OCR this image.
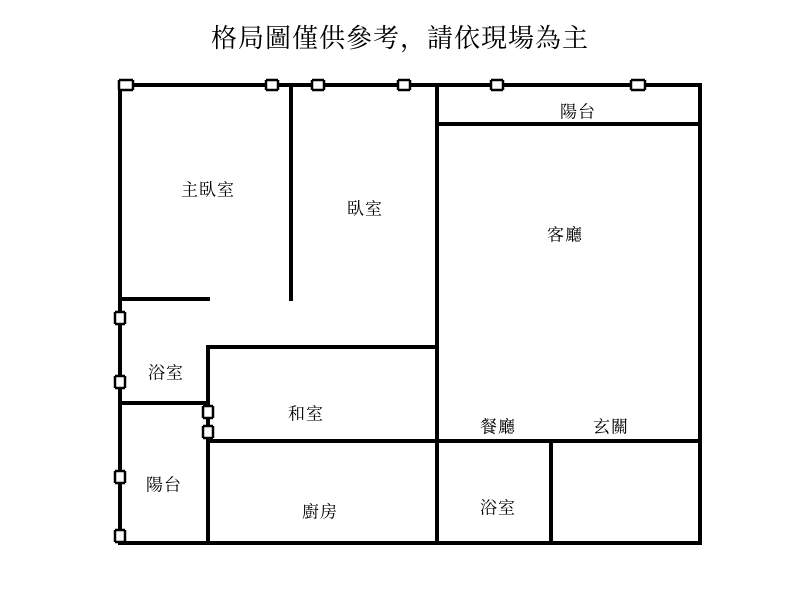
格局圖僅供參考，請依現場為主
主臥室
臥室
陽台
客廳
浴室
和室
餐廳	玄關
陽台
廚房	浴室
